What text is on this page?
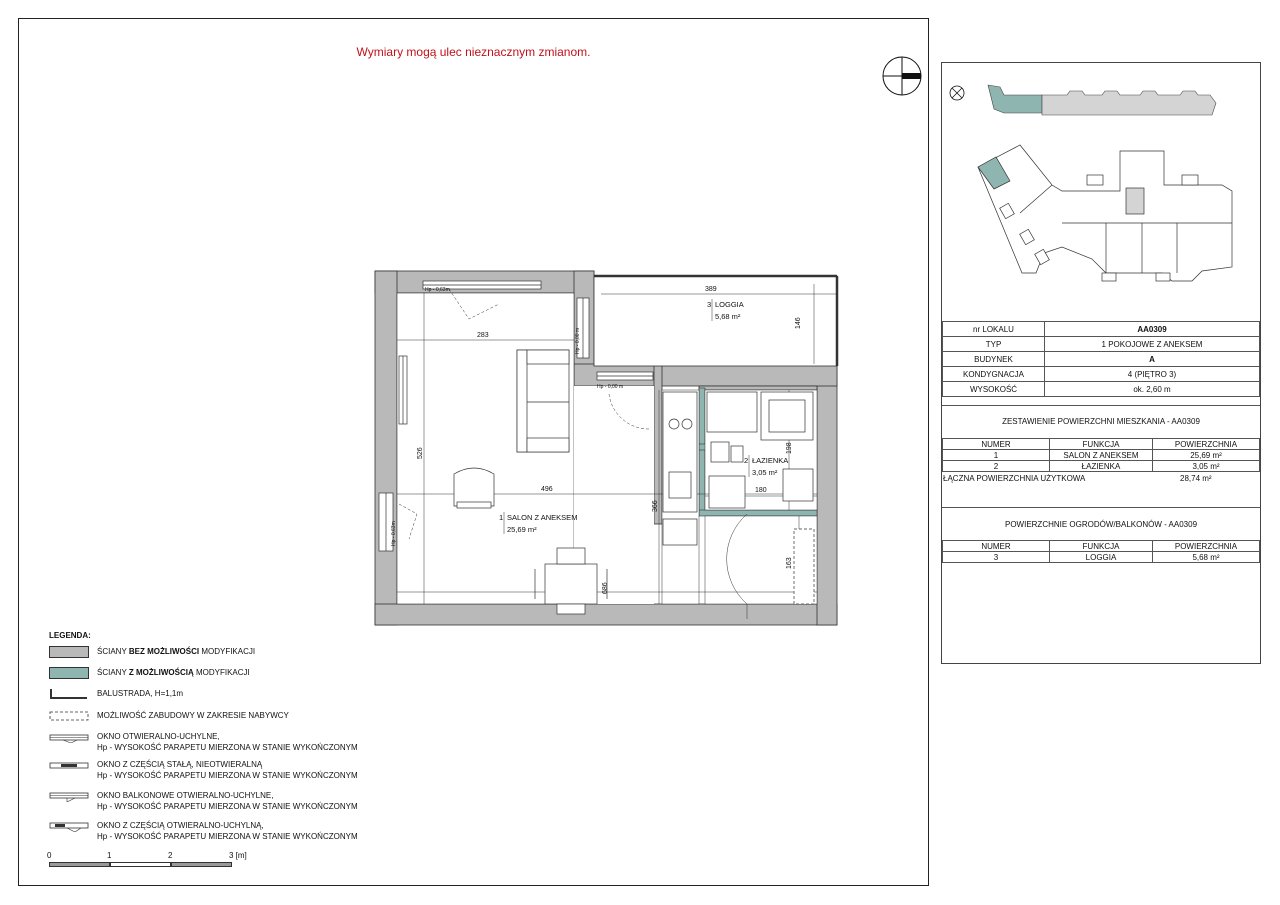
Wymiary mogą ulec nieznacznym zmianom.
389
146
283
526
496
366
198
180
163
686
Hp - 0,63m
Hp - 0,00 m
Hp - 0,00 m
Hp - 0,63m
1 SALON Z ANEKSEM
25,69 m²
2 ŁAZIENKA
3,05 m²
3 LOGGIA
5,68 m²
LEGENDA:
ŚCIANY BEZ MOŻLIWOŚCI MODYFIKACJI
ŚCIANY Z MOŻLIWOŚCIĄ MODYFIKACJI
BALUSTRADA, H=1,1m
MOŻLIWOŚĆ ZABUDOWY W ZAKRESIE NABYWCY
OKNO OTWIERALNO-UCHYLNE,
Hp - WYSOKOŚĆ PARAPETU MIERZONA W STANIE WYKOŃCZONYM
OKNO Z CZĘŚCIĄ STAŁĄ, NIEOTWIERALNĄ
Hp - WYSOKOŚĆ PARAPETU MIERZONA W STANIE WYKOŃCZONYM
OKNO BALKONOWE OTWIERALNO-UCHYLNE,
Hp - WYSOKOŚĆ PARAPETU MIERZONA W STANIE WYKOŃCZONYM
OKNO Z CZĘŚCIĄ OTWIERALNO-UCHYLNĄ,
Hp - WYSOKOŚĆ PARAPETU MIERZONA W STANIE WYKOŃCZONYM
0	1	2	3 [m]
nr LOKALU	AA0309
TYP	1 POKOJOWE Z ANEKSEM
BUDYNEK	A
KONDYGNACJA	4 (PIĘTRO 3)
WYSOKOŚĆ	ok. 2,60 m
ZESTAWIENIE POWIERZCHNI MIESZKANIA - AA0309
NUMER	FUNKCJA	POWIERZCHNIA
1	SALON Z ANEKSEM	25,69 m²
2	ŁAZIENKA	3,05 m²
ŁĄCZNA POWIERZCHNIA UŻYTKOWA	28,74 m²
POWIERZCHNIE OGRODÓW/BALKONÓW - AA0309
NUMER	FUNKCJA	POWIERZCHNIA
3	LOGGIA	5,68 m²
